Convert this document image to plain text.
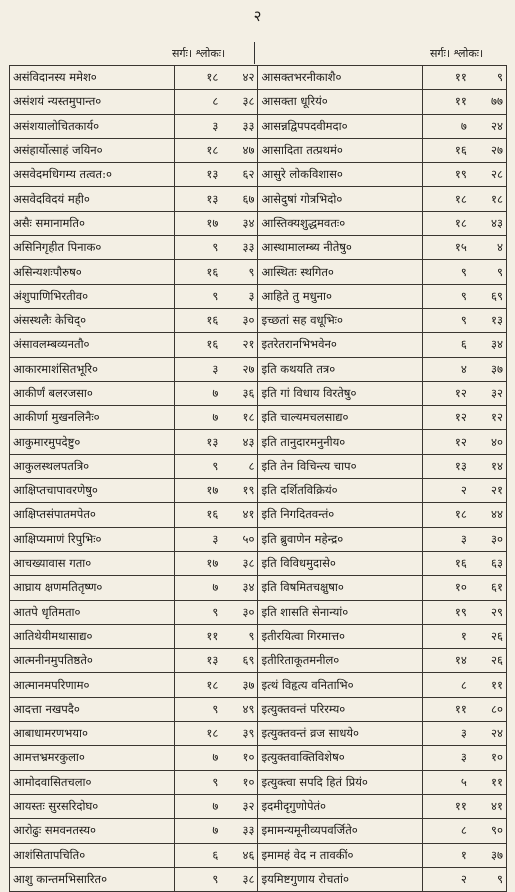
२
सर्गः। श्लोकः।	सर्गः। श्लोकः।
असंविदानस्य ममेश०	१८	४२	आसक्तभरनीकाशै०	११	९
असंशयं न्यस्तमुपान्त०	८	३८	आसक्ता धूरियं०	११	७७
असंशयालोचितकार्य०	३	३३	आसन्नद्विपपदवीमदा०	७	२४
असंहार्योत्साहं जयिन०	१८	४७	आसादिता तत्प्रथमं०	१६	२७
असवेदमधिगम्य तत्वत:०	१३	६२	आसुरे लोकविशास०	१९	२८
असवेदविदयं मही०	१३	६७	आसेदुषां गोत्रभिदो०	१८	१८
असैः समानामति०	१७	३४	आस्तिक्यशुद्धमवतः०	१८	४३
असिनिगृहीत पिनाक०	९	३३	आस्थामालम्ब्य नीतेषु०	१५	४
असिन्यशःपौरुष०	१६	९	आस्थितः स्थगित०	९	९
अंशुपाणिभिरतीव०	९	३	आहिते तु मधुना०	९	६९
अंसस्थलैः केचिद्०	१६	३०	इच्छतां सह वधूभिः०	९	१३
अंसावलम्बव्यनतौ०	१६	२१	इतरेतरानभिभवेन०	६	३४
आकारमाशंसितभूरि०	३	२७	इति कथयति तत्र०	४	३७
आकीर्णं बलरजसा०	७	३६	इति गां विधाय विरतेषु०	१२	३२
आकीर्णा मुखनलिनैः०	७	१८	इति चाल्यमचलसाद्य०	१२	१२
आकुमारमुपदेष्टु०	१३	४३	इति तानुदारमनुनीय०	१२	४०
आकुलस्थलपतत्रि०	९	८	इति तेन विचिन्त्य चाप०	१३	१४
आक्षिप्तचापावरणेषु०	१७	१९	इति दर्शितविक्रियं०	२	२१
आक्षिप्तसंपातमपेत०	१६	४१	इति निगदितवन्तं०	१८	४४
आक्षिप्यमाणं रिपुभिः०	३	५०	इति ब्रुवाणेन महेन्द्र०	३	३०
आचख्यावास गता०	१७	३८	इति विविधमुदासे०	१६	६३
आघ्राय क्षणमतितृष्ण०	७	३४	इति विषमितचक्षुषा०	१०	६१
आतपे धृतिमता०	९	३०	इति शासति सेनान्यां०	१९	२९
आतिथेयीमथासाद्य०	११	९	इतीरयित्वा गिरमात्त०	१	२६
आत्मनीनमुपतिष्ठते०	१३	६९	इतीरिताकूतमनील०	१४	२६
आत्मानमपरिणाम०	१८	३७	इत्थं विहृत्य वनिताभि०	८	११
आदत्ता नखपदै०	९	४९	इत्युक्तवन्तं परिरम्य०	११	८०
आबाधामरणभया०	१८	३९	इत्युक्तवन्तं व्रज साधये०	३	२४
आमत्तभ्रमरकुला०	७	१०	इत्युक्तवाक्तिविशेष०	३	१०
आमोदवासितचला०	९	१०	इत्युक्त्वा सपदि हितं प्रियं०	५	११
आयस्तः सुरसरिदोघ०	७	३२	इदमीदृगुणोपेतं०	११	४१
आरोढुः समवनतस्य०	७	३३	इमामन्यमूनीव्यपवर्जिते०	८	९०
आशंसितापचिति०	६	४६	इमामहं वेद न तावकीं०	१	३७
आशु कान्तमभिसारित०	९	३८	इयमिष्टगुणाय रोचतां०	२	९
